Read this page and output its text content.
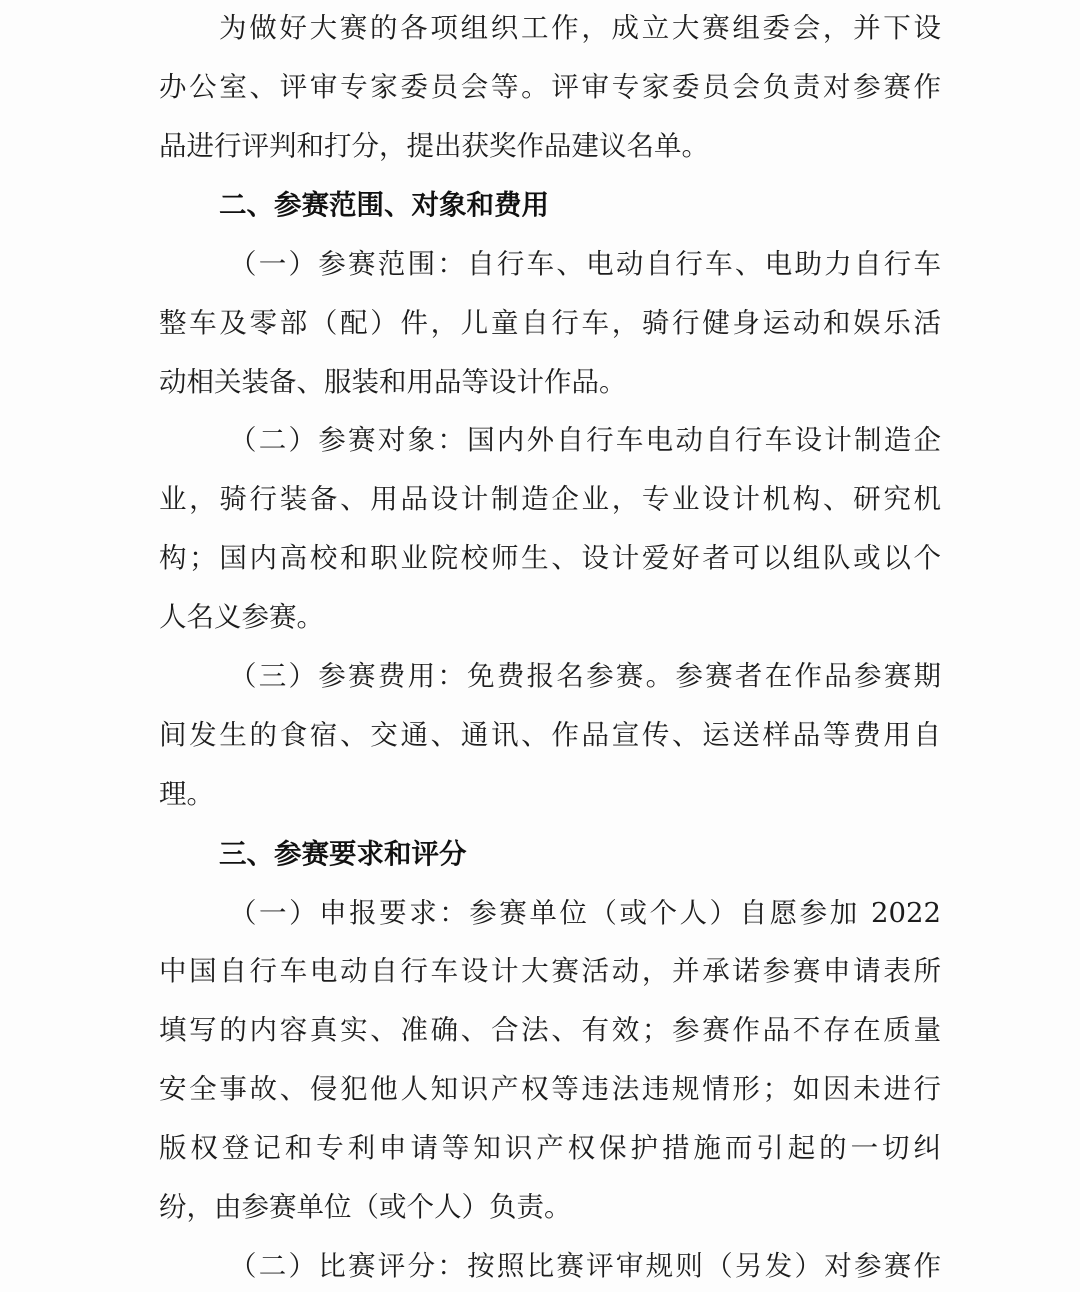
为做好大赛的各项组织工作，成立大赛组委会，并下设
办公室、评审专家委员会等。评审专家委员会负责对参赛作
品进行评判和打分，提出获奖作品建议名单。
二、参赛范围、对象和费用
（一）参赛范围：自行车、电动自行车、电助力自行车
整车及零部（配）件，儿童自行车，骑行健身运动和娱乐活
动相关装备、服装和用品等设计作品。
（二）参赛对象：国内外自行车电动自行车设计制造企
业，骑行装备、用品设计制造企业，专业设计机构、研究机
构；国内高校和职业院校师生、设计爱好者可以组队或以个
人名义参赛。
（三）参赛费用：免费报名参赛。参赛者在作品参赛期
间发生的食宿、交通、通讯、作品宣传、运送样品等费用自
理。
三、参赛要求和评分
（一）申报要求：参赛单位（或个人）自愿参加 2022
中国自行车电动自行车设计大赛活动，并承诺参赛申请表所
填写的内容真实、准确、合法、有效；参赛作品不存在质量
安全事故、侵犯他人知识产权等违法违规情形；如因未进行
版权登记和专利申请等知识产权保护措施而引起的一切纠
纷，由参赛单位（或个人）负责。
（二）比赛评分：按照比赛评审规则（另发）对参赛作
